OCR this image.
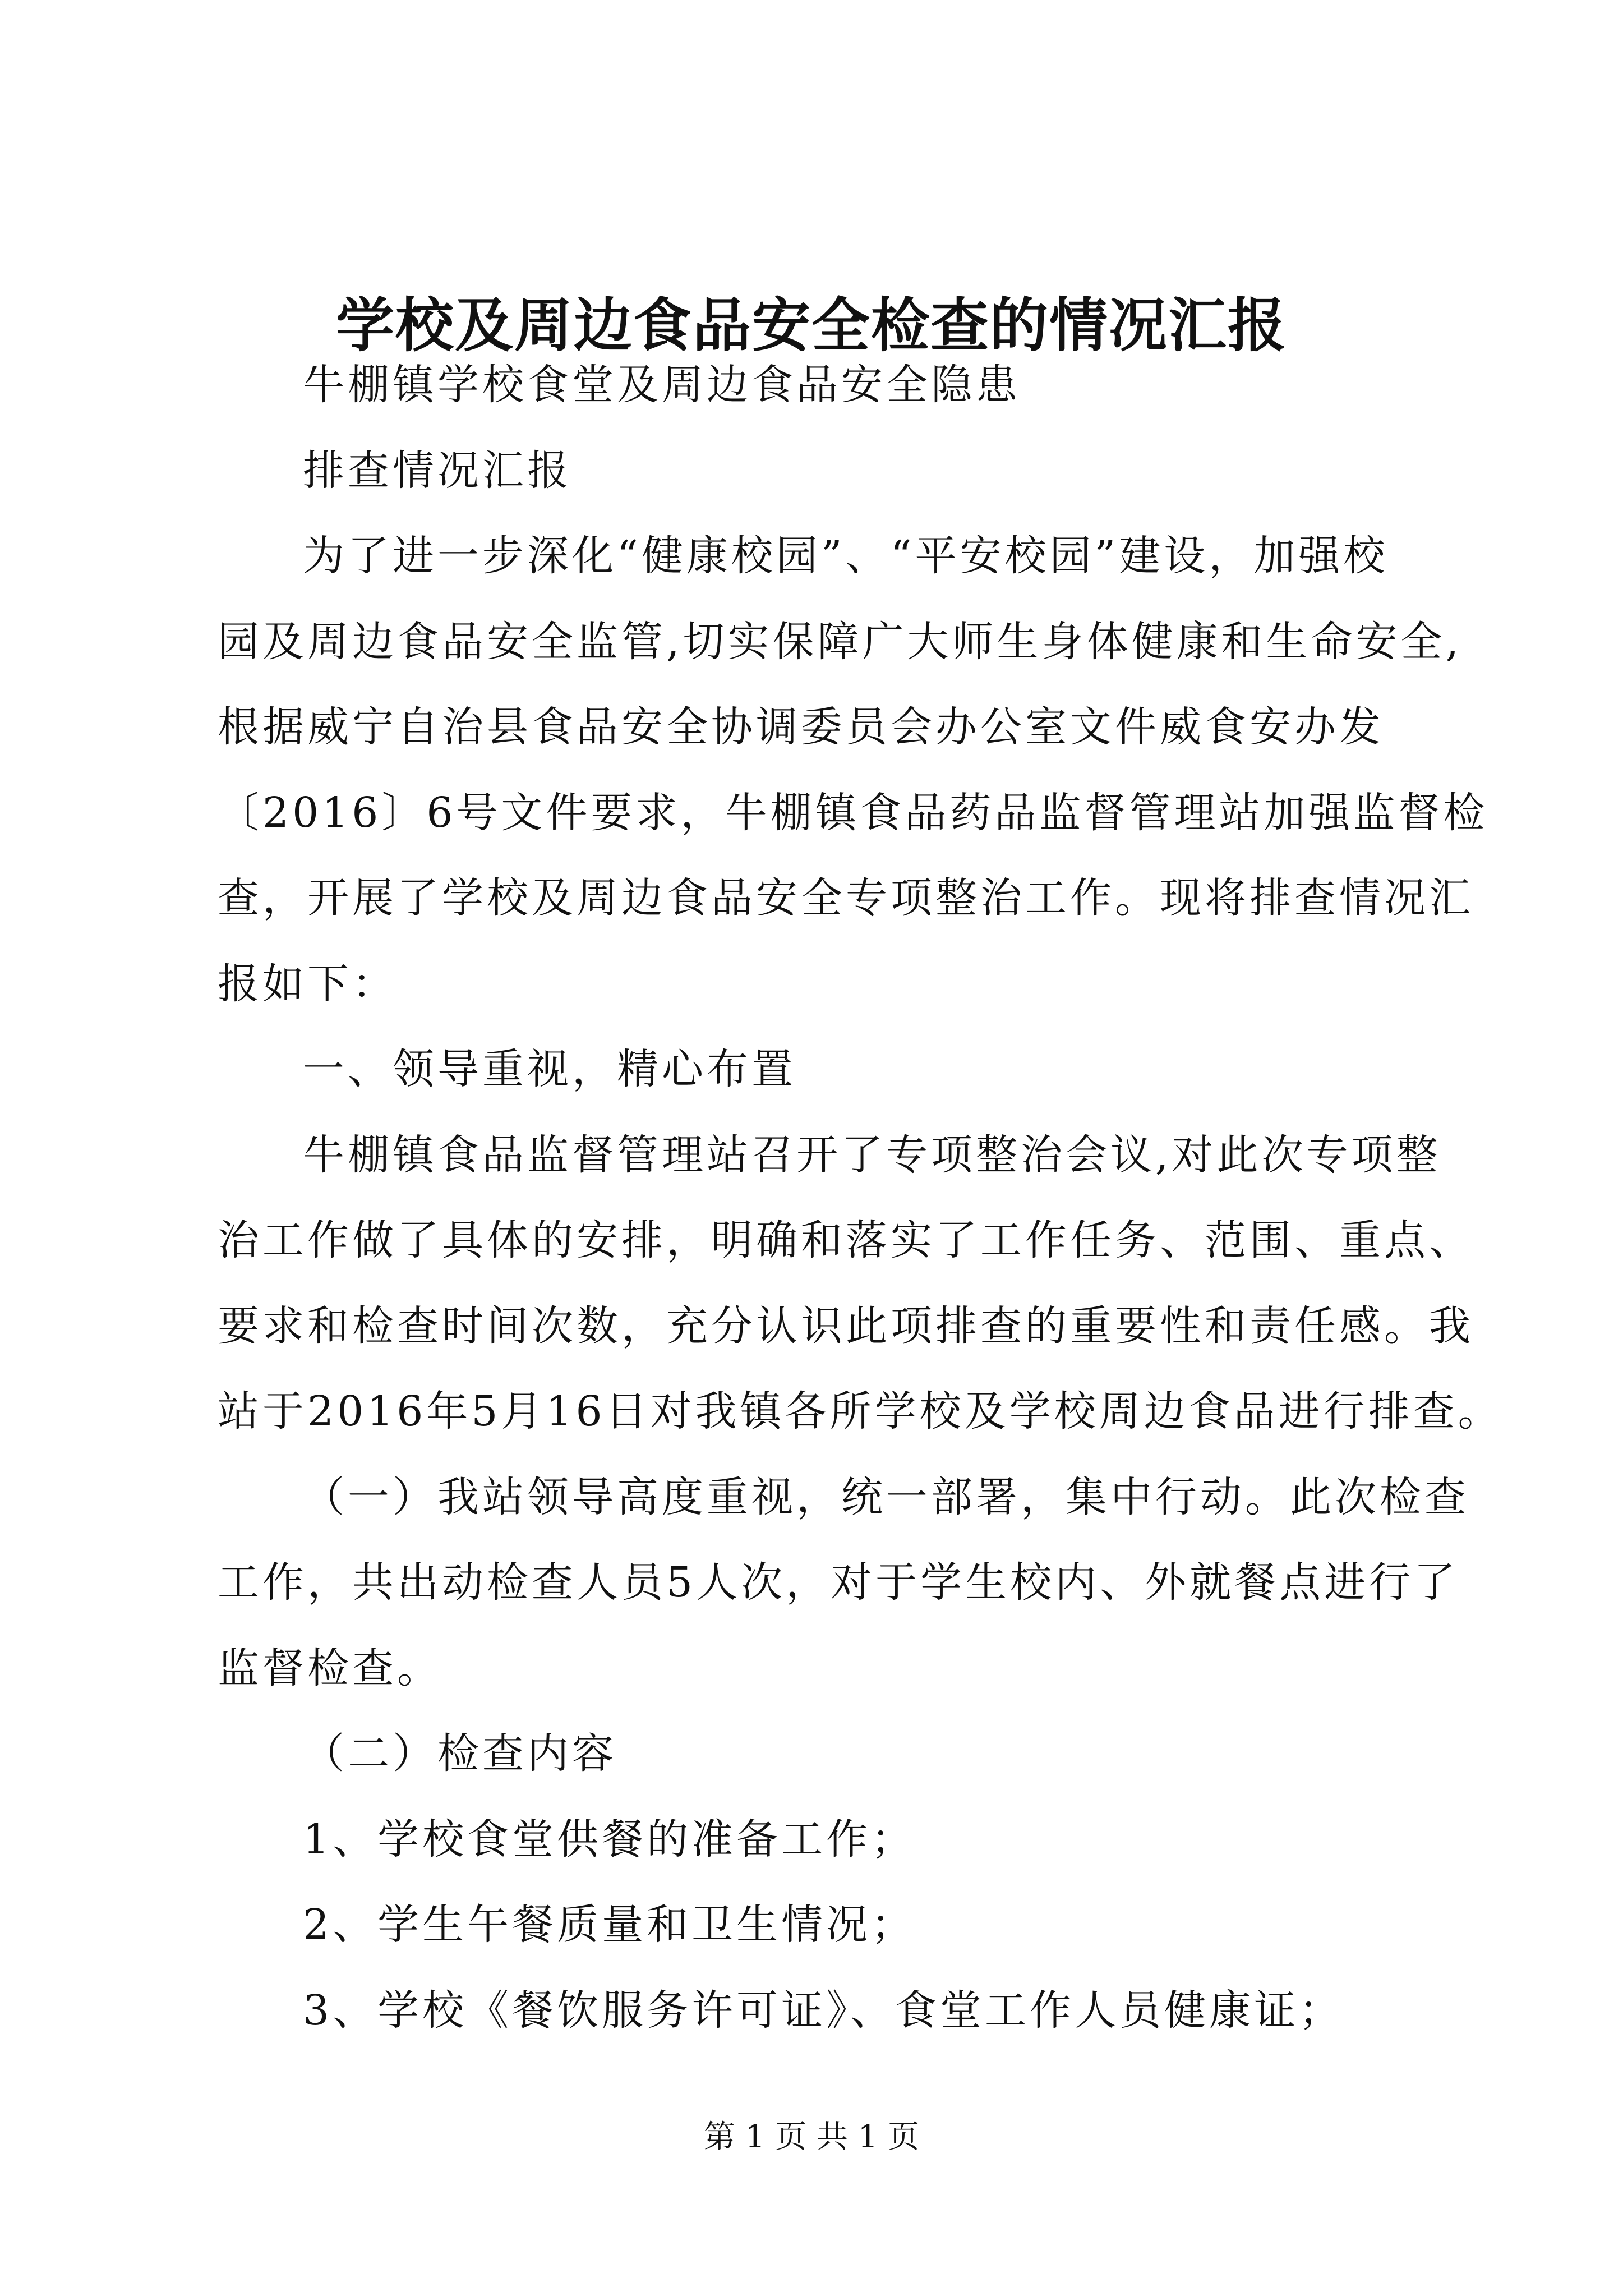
学校及周边食品安全检查的情况汇报
牛棚镇学校食堂及周边食品安全隐患
排查情况汇报
为了进一步深化“健康校园”、“平安校园”建设，加强校
园及周边食品安全监管,切实保障广大师生身体健康和生命安全,
根据威宁自治县食品安全协调委员会办公室文件威食安办发
〔2016〕6号文件要求，牛棚镇食品药品监督管理站加强监督检
查，开展了学校及周边食品安全专项整治工作。现将排查情况汇
报如下：
一、领导重视，精心布置
牛棚镇食品监督管理站召开了专项整治会议,对此次专项整
治工作做了具体的安排，明确和落实了工作任务、范围、重点、
要求和检查时间次数，充分认识此项排查的重要性和责任感。我
站于2016年5月16日对我镇各所学校及学校周边食品进行排查。
（一）我站领导高度重视，统一部署，集中行动。此次检查
工作，共出动检查人员5人次，对于学生校内、外就餐点进行了
监督检查。
（二）检查内容
1、学校食堂供餐的准备工作；
2、学生午餐质量和卫生情况；
3、学校《餐饮服务许可证》、食堂工作人员健康证；
第 1 页 共 1 页
